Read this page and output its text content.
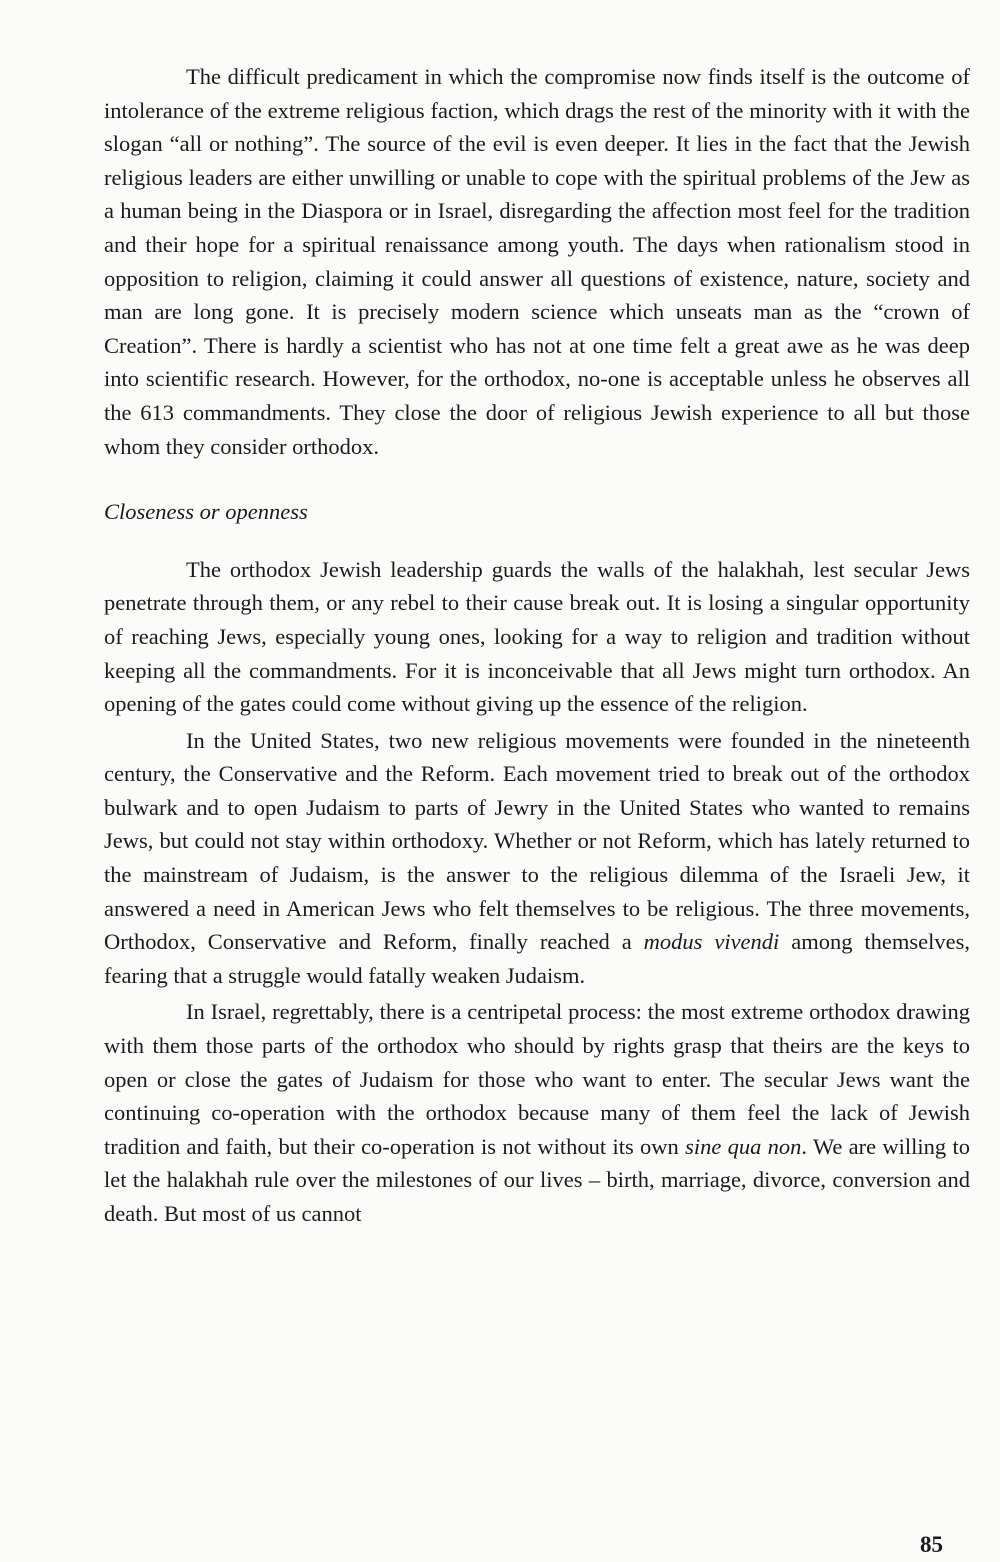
The difficult predicament in which the compromise now finds itself is the outcome of intolerance of the extreme religious faction, which drags the rest of the minority with it with the slogan “all or nothing”. The source of the evil is even deeper. It lies in the fact that the Jewish religious leaders are either unwilling or unable to cope with the spiritual problems of the Jew as a human being in the Diaspora or in Israel, disregarding the affection most feel for the tradition and their hope for a spiritual renaissance among youth. The days when rationalism stood in opposition to religion, claiming it could answer all questions of existence, nature, society and man are long gone. It is precisely modern science which unseats man as the “crown of Creation”. There is hardly a scientist who has not at one time felt a great awe as he was deep into scientific research. However, for the orthodox, no-one is acceptable unless he observes all the 613 commandments. They close the door of religious Jewish experience to all but those whom they consider orthodox.

Closeness or openness

The orthodox Jewish leadership guards the walls of the halakhah, lest secular Jews penetrate through them, or any rebel to their cause break out. It is losing a singular opportunity of reaching Jews, especially young ones, looking for a way to religion and tradition without keeping all the commandments. For it is inconceivable that all Jews might turn orthodox. An opening of the gates could come without giving up the essence of the religion.

In the United States, two new religious movements were founded in the nineteenth century, the Conservative and the Reform. Each movement tried to break out of the orthodox bulwark and to open Judaism to parts of Jewry in the United States who wanted to remains Jews, but could not stay within orthodoxy. Whether or not Reform, which has lately returned to the mainstream of Judaism, is the answer to the religious dilemma of the Israeli Jew, it answered a need in American Jews who felt themselves to be religious. The three movements, Orthodox, Conservative and Reform, finally reached a modus vivendi among themselves, fearing that a struggle would fatally weaken Judaism.

In Israel, regrettably, there is a centripetal process: the most extreme orthodox drawing with them those parts of the orthodox who should by rights grasp that theirs are the keys to open or close the gates of Judaism for those who want to enter. The secular Jews want the continuing co-operation with the orthodox because many of them feel the lack of Jewish tradition and faith, but their co-operation is not without its own sine qua non. We are willing to let the halakhah rule over the milestones of our lives – birth, marriage, divorce, conversion and death. But most of us cannot

85
